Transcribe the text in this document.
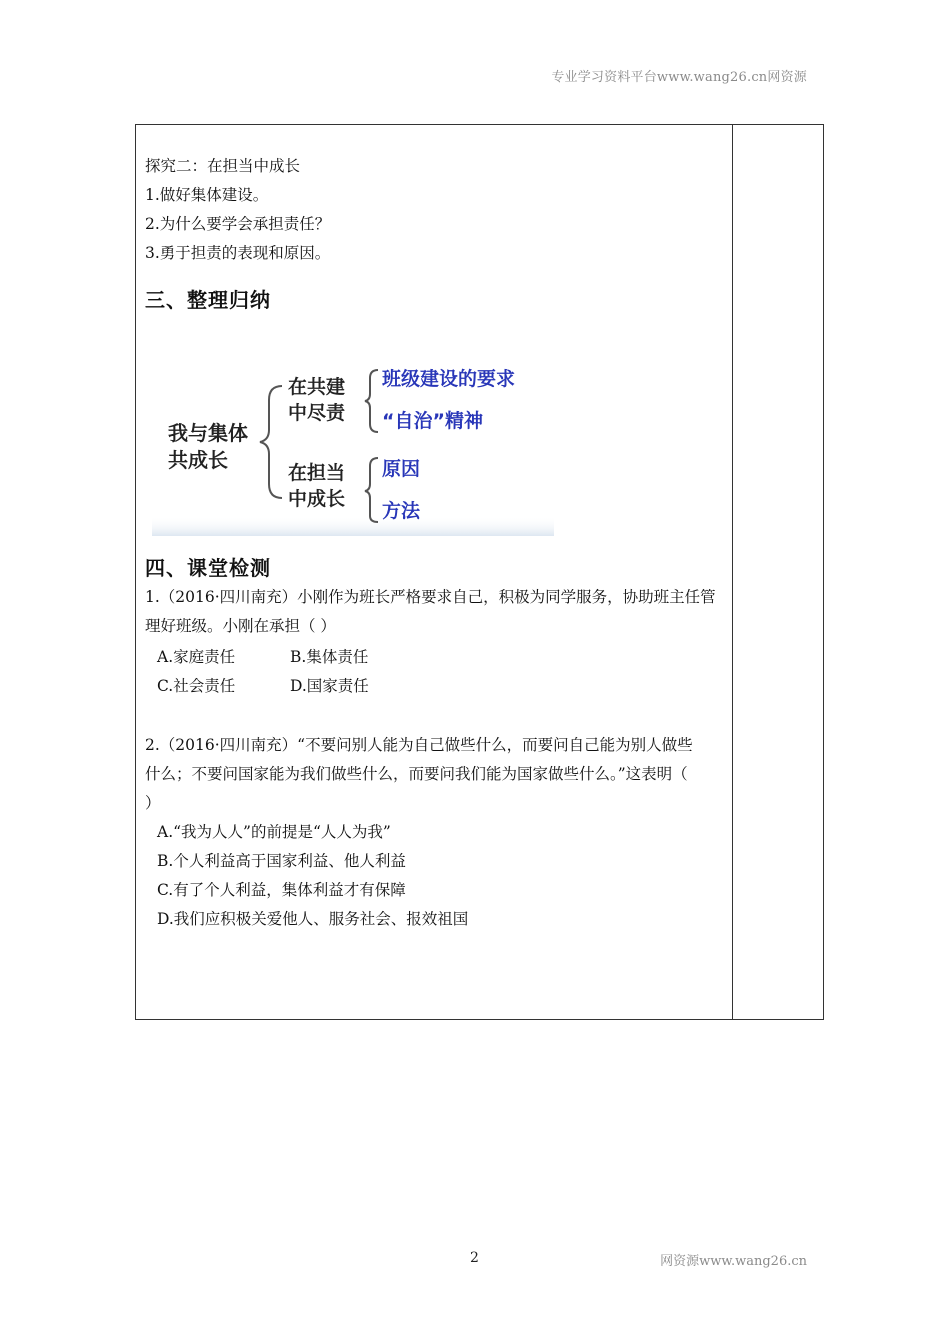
专业学习资料平台www.wang26.cn网资源
探究二：在担当中成长
1.做好集体建设。
2.为什么要学会承担责任？
3.勇于担责的表现和原因。
三、整理归纳
四、课堂检测
1.（2016·四川南充）小刚作为班长严格要求自己，积极为同学服务，协助班主任管
理好班级。小刚在承担（ ）
A.家庭责任	B.集体责任
C.社会责任	D.国家责任
2.（2016·四川南充）“不要问别人能为自己做些什么，而要问自己能为别人做些
什么；不要问国家能为我们做些什么，而要问我们能为国家做些什么。”这表明（
）
A.“我为人人”的前提是“人人为我”
B.个人利益高于国家利益、他人利益
C.有了个人利益，集体利益才有保障
D.我们应积极关爱他人、服务社会、报效祖国
我与集体
共成长
在共建
中尽责
在担当
中成长
班级建设的要求
“自治”精神
原因
方法
2	网资源www.wang26.cn
